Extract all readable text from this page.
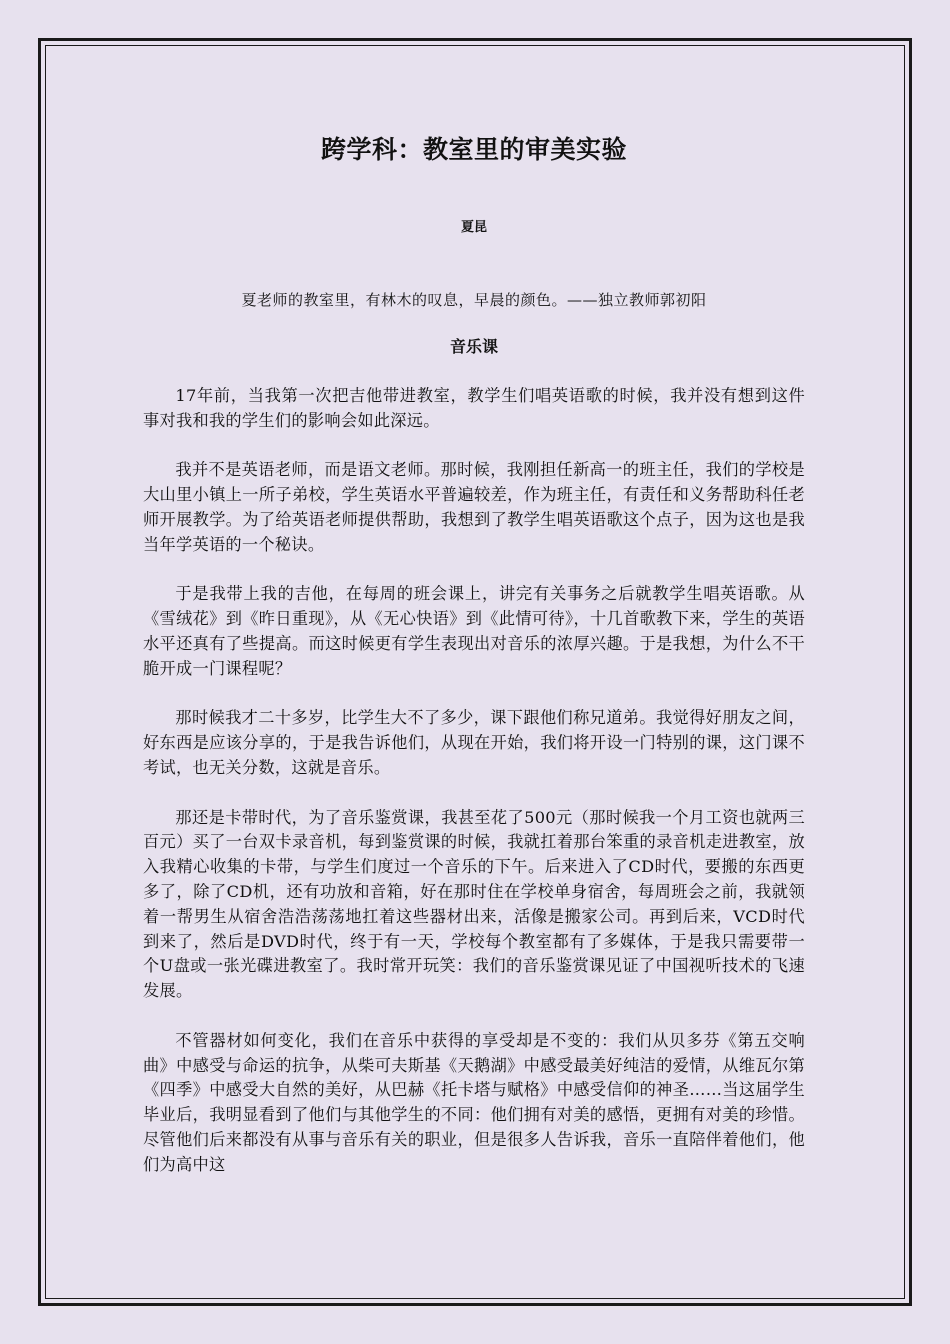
跨学科：教室里的审美实验
夏昆
夏老师的教室里，有林木的叹息，早晨的颜色。——独立教师郭初阳
音乐课

17年前，当我第一次把吉他带进教室，教学生们唱英语歌的时候，我并没有想到这件事对我和我的学生们的影响会如此深远。

我并不是英语老师，而是语文老师。那时候，我刚担任新高一的班主任，我们的学校是大山里小镇上一所子弟校，学生英语水平普遍较差，作为班主任，有责任和义务帮助科任老师开展教学。为了给英语老师提供帮助，我想到了教学生唱英语歌这个点子，因为这也是我当年学英语的一个秘诀。

于是我带上我的吉他，在每周的班会课上，讲完有关事务之后就教学生唱英语歌。从《雪绒花》到《昨日重现》，从《无心快语》到《此情可待》，十几首歌教下来，学生的英语水平还真有了些提高。而这时候更有学生表现出对音乐的浓厚兴趣。于是我想，为什么不干脆开成一门课程呢？

那时候我才二十多岁，比学生大不了多少，课下跟他们称兄道弟。我觉得好朋友之间，好东西是应该分享的，于是我告诉他们，从现在开始，我们将开设一门特别的课，这门课不考试，也无关分数，这就是音乐。

那还是卡带时代，为了音乐鉴赏课，我甚至花了500元（那时候我一个月工资也就两三百元）买了一台双卡录音机，每到鉴赏课的时候，我就扛着那台笨重的录音机走进教室，放入我精心收集的卡带，与学生们度过一个音乐的下午。后来进入了CD时代，要搬的东西更多了，除了CD机，还有功放和音箱，好在那时住在学校单身宿舍，每周班会之前，我就领着一帮男生从宿舍浩浩荡荡地扛着这些器材出来，活像是搬家公司。再到后来，VCD时代到来了，然后是DVD时代，终于有一天，学校每个教室都有了多媒体，于是我只需要带一个U盘或一张光碟进教室了。我时常开玩笑：我们的音乐鉴赏课见证了中国视听技术的飞速发展。

不管器材如何变化，我们在音乐中获得的享受却是不变的：我们从贝多芬《第五交响曲》中感受与命运的抗争，从柴可夫斯基《天鹅湖》中感受最美好纯洁的爱情，从维瓦尔第《四季》中感受大自然的美好，从巴赫《托卡塔与赋格》中感受信仰的神圣……当这届学生毕业后，我明显看到了他们与其他学生的不同：他们拥有对美的感悟，更拥有对美的珍惜。尽管他们后来都没有从事与音乐有关的职业，但是很多人告诉我，音乐一直陪伴着他们，他们为高中这
